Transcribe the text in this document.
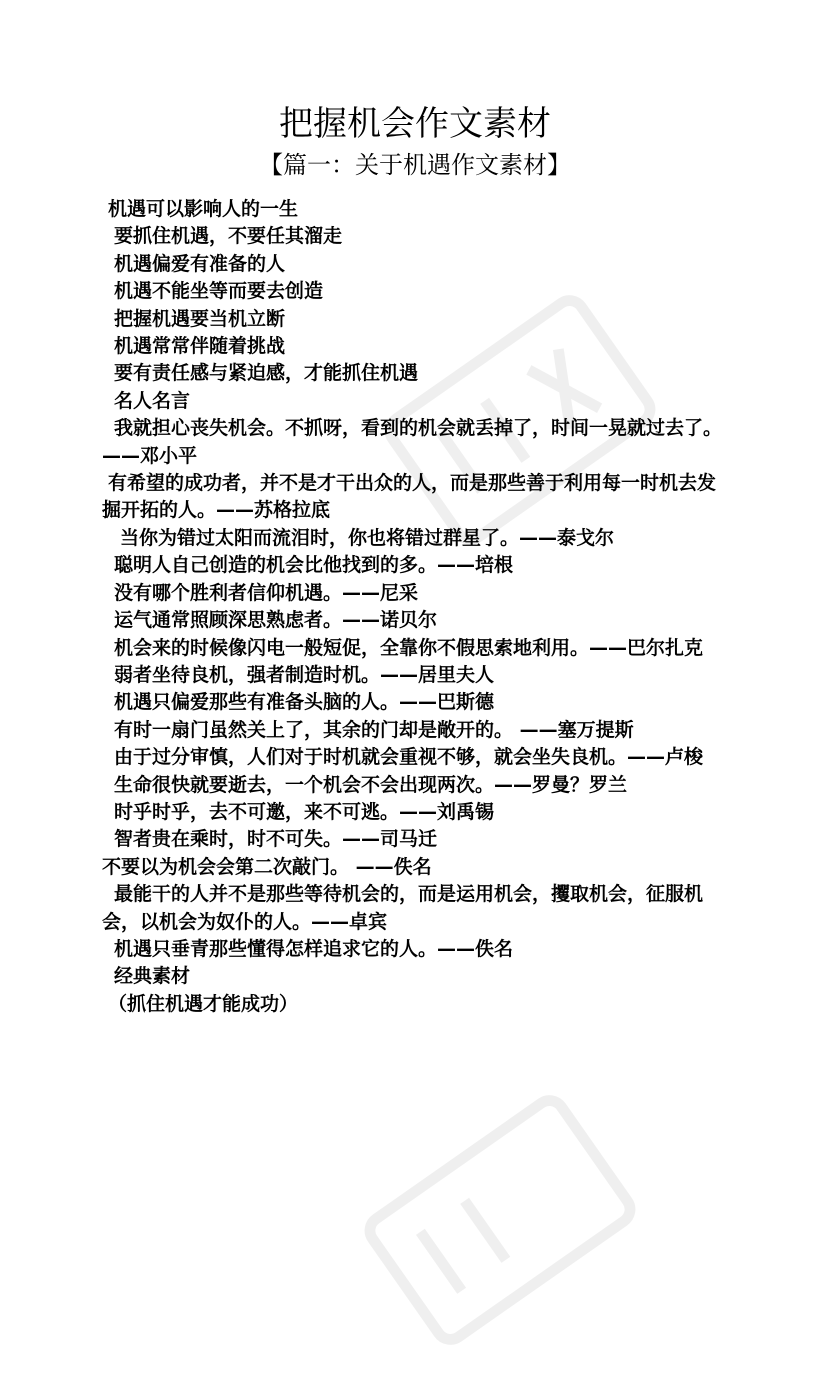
把握机会作文素材
【篇一：关于机遇作文素材】

机遇可以影响人的一生

要抓住机遇，不要任其溜走

机遇偏爱有准备的人

机遇不能坐等而要去创造

把握机遇要当机立断

机遇常常伴随着挑战

要有责任感与紧迫感，才能抓住机遇

名人名言

我就担心丧失机会。不抓呀，看到的机会就丢掉了，时间一晃就过去了。——邓小平

有希望的成功者，并不是才干出众的人，而是那些善于利用每一时机去发掘开拓的人。——苏格拉底

当你为错过太阳而流泪时，你也将错过群星了。——泰戈尔

聪明人自己创造的机会比他找到的多。——培根

没有哪个胜利者信仰机遇。——尼采

运气通常照顾深思熟虑者。——诺贝尔

机会来的时候像闪电一般短促，全靠你不假思索地利用。——巴尔扎克

弱者坐待良机，强者制造时机。——居里夫人

机遇只偏爱那些有准备头脑的人。——巴斯德

有时一扇门虽然关上了，其余的门却是敞开的。 ——塞万提斯

由于过分审慎，人们对于时机就会重视不够，就会坐失良机。——卢梭

生命很快就要逝去，一个机会不会出现两次。——罗曼？罗兰

时乎时乎，去不可邀，来不可逃。——刘禹锡

智者贵在乘时，时不可失。——司马迁

不要以为机会会第二次敲门。 ——佚名

最能干的人并不是那些等待机会的，而是运用机会，攫取机会，征服机会，以机会为奴仆的人。——卓宾

机遇只垂青那些懂得怎样追求它的人。——佚名

经典素材

（抓住机遇才能成功）
